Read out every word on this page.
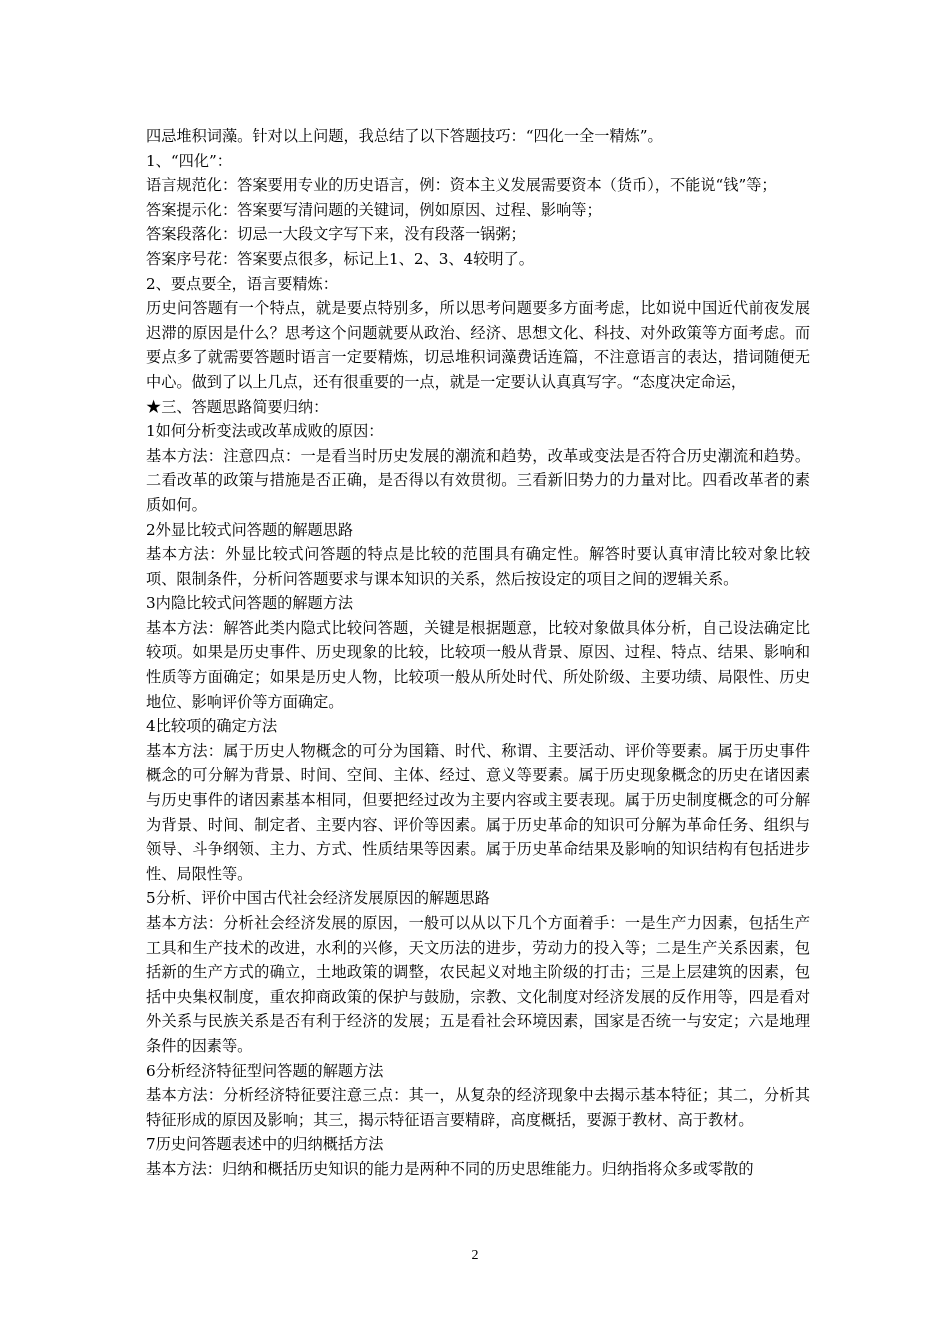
四忌堆积词藻。针对以上问题，我总结了以下答题技巧：“四化一全一精炼”。

1、“四化”：

语言规范化：答案要用专业的历史语言，例：资本主义发展需要资本（货币），不能说“钱”等；

答案提示化：答案要写清问题的关键词，例如原因、过程、影响等；

答案段落化：切忌一大段文字写下来，没有段落一锅粥；

答案序号花：答案要点很多，标记上1、2、3、4较明了。

2、要点要全，语言要精炼：

历史问答题有一个特点，就是要点特别多，所以思考问题要多方面考虑，比如说中国近代前夜发展迟滞的原因是什么？思考这个问题就要从政治、经济、思想文化、科技、对外政策等方面考虑。而要点多了就需要答题时语言一定要精炼，切忌堆积词藻费话连篇，不注意语言的表达，措词随便无中心。做到了以上几点，还有很重要的一点，就是一定要认认真真写字。“态度决定命运，

★三、答题思路简要归纳：

1如何分析变法或改革成败的原因：

基本方法：注意四点：一是看当时历史发展的潮流和趋势，改革或变法是否符合历史潮流和趋势。二看改革的政策与措施是否正确，是否得以有效贯彻。三看新旧势力的力量对比。四看改革者的素质如何。

2外显比较式问答题的解题思路

基本方法：外显比较式问答题的特点是比较的范围具有确定性。解答时要认真审清比较对象比较项、限制条件，分析问答题要求与课本知识的关系，然后按设定的项目之间的逻辑关系。

3内隐比较式问答题的解题方法

基本方法：解答此类内隐式比较问答题，关键是根据题意，比较对象做具体分析，自己设法确定比较项。如果是历史事件、历史现象的比较，比较项一般从背景、原因、过程、特点、结果、影响和性质等方面确定；如果是历史人物，比较项一般从所处时代、所处阶级、主要功绩、局限性、历史地位、影响评价等方面确定。

4比较项的确定方法

基本方法：属于历史人物概念的可分为国籍、时代、称谓、主要活动、评价等要素。属于历史事件概念的可分解为背景、时间、空间、主体、经过、意义等要素。属于历史现象概念的历史在诸因素与历史事件的诸因素基本相同，但要把经过改为主要内容或主要表现。属于历史制度概念的可分解为背景、时间、制定者、主要内容、评价等因素。属于历史革命的知识可分解为革命任务、组织与领导、斗争纲领、主力、方式、性质结果等因素。属于历史革命结果及影响的知识结构有包括进步性、局限性等。

5分析、评价中国古代社会经济发展原因的解题思路

基本方法：分析社会经济发展的原因，一般可以从以下几个方面着手：一是生产力因素，包括生产工具和生产技术的改进，水利的兴修，天文历法的进步，劳动力的投入等；二是生产关系因素，包括新的生产方式的确立，土地政策的调整，农民起义对地主阶级的打击；三是上层建筑的因素，包括中央集权制度，重农抑商政策的保护与鼓励，宗教、文化制度对经济发展的反作用等，四是看对外关系与民族关系是否有利于经济的发展；五是看社会环境因素，国家是否统一与安定；六是地理条件的因素等。

6分析经济特征型问答题的解题方法

基本方法：分析经济特征要注意三点：其一，从复杂的经济现象中去揭示基本特征；其二，分析其特征形成的原因及影响；其三，揭示特征语言要精辟，高度概括，要源于教材、高于教材。

7历史问答题表述中的归纳概括方法

基本方法：归纳和概括历史知识的能力是两种不同的历史思维能力。归纳指将众多或零散的

2
